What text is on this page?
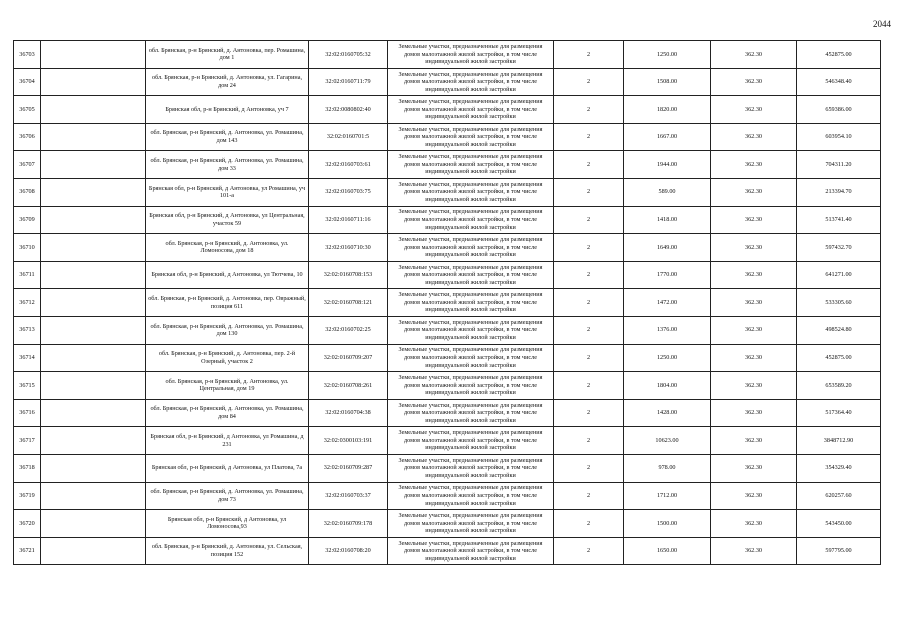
2044
36703		обл. Брянская, р-н Брянский, д. Антоновка, пер. Ромашина, дом 1	32:02:0160705:32	Земельные участки, предназначенные для размещения домов малоэтажной жилой застройки, в том числе индивидуальной жилой застройки	2	1250.00	362.30	452875.00
36704		обл. Брянская, р-н Брянский, д. Антоновка, ул. Гагарина, дом 24	32:02:0160711:79	Земельные участки, предназначенные для размещения домов малоэтажной жилой застройки, в том числе индивидуальной жилой застройки	2	1508.00	362.30	546348.40
36705		Брянская обл, р-н Брянский, д Антоновка, уч 7	32:02:0080802:40	Земельные участки, предназначенные для размещения домов малоэтажной жилой застройки, в том числе индивидуальной жилой застройки	2	1820.00	362.30	659386.00
36706		обл. Брянская, р-н Брянский, д. Антоновка, ул. Ромашина, дом 143	32:02:0160701:5	Земельные участки, предназначенные для размещения домов малоэтажной жилой застройки, в том числе индивидуальной жилой застройки	2	1667.00	362.30	603954.10
36707		обл. Брянская, р-н Брянский, д. Антоновка, ул. Ромашина, дом 33	32:02:0160703:61	Земельные участки, предназначенные для размещения домов малоэтажной жилой застройки, в том числе индивидуальной жилой застройки	2	1944.00	362.30	704311.20
36708		Брянская обл, р-н Брянский, д Антоновка, ул Ромашина, уч 101-а	32:02:0160703:75	Земельные участки, предназначенные для размещения домов малоэтажной жилой застройки, в том числе индивидуальной жилой застройки	2	589.00	362.30	213394.70
36709		Брянская обл, р-н Брянский, д Антоновка, ул Центральная, участок 59	32:02:0160711:16	Земельные участки, предназначенные для размещения домов малоэтажной жилой застройки, в том числе индивидуальной жилой застройки	2	1418.00	362.30	513741.40
36710		обл. Брянская, р-н Брянский, д. Антоновка, ул. Ломоносова, дом 18	32:02:0160710:30	Земельные участки, предназначенные для размещения домов малоэтажной жилой застройки, в том числе индивидуальной жилой застройки	2	1649.00	362.30	597432.70
36711		Брянская обл, р-н Брянский, д Антоновка, ул Тютчева, 10	32:02:0160708:153	Земельные участки, предназначенные для размещения домов малоэтажной жилой застройки, в том числе индивидуальной жилой застройки	2	1770.00	362.30	641271.00
36712		обл. Брянская, р-н Брянский, д. Антоновка, пер. Овражный, позиция 611	32:02:0160708:121	Земельные участки, предназначенные для размещения домов малоэтажной жилой застройки, в том числе индивидуальной жилой застройки	2	1472.00	362.30	533305.60
36713		обл. Брянская, р-н Брянский, д. Антоновка, ул. Ромашина, дом 130	32:02:0160702:25	Земельные участки, предназначенные для размещения домов малоэтажной жилой застройки, в том числе индивидуальной жилой застройки	2	1376.00	362.30	498524.80
36714		обл. Брянская, р-н Брянский, д. Антоновка, пер. 2-й Озерный, участок 2	32:02:0160709:207	Земельные участки, предназначенные для размещения домов малоэтажной жилой застройки, в том числе индивидуальной жилой застройки	2	1250.00	362.30	452875.00
36715		обл. Брянская, р-н Брянский, д. Антоновка, ул. Центральная, дом 19	32:02:0160708:261	Земельные участки, предназначенные для размещения домов малоэтажной жилой застройки, в том числе индивидуальной жилой застройки	2	1804.00	362.30	653589.20
36716		обл. Брянская, р-н Брянский, д. Антоновка, ул. Ромашина, дом 84	32:02:0160704:38	Земельные участки, предназначенные для размещения домов малоэтажной жилой застройки, в том числе индивидуальной жилой застройки	2	1428.00	362.30	517364.40
36717		Брянская обл, р-н Брянский, д Антоновка, ул Ромашина, д 231	32:02:0300103:191	Земельные участки, предназначенные для размещения домов малоэтажной жилой застройки, в том числе индивидуальной жилой застройки	2	10623.00	362.30	3848712.90
36718		Брянская обл, р-н Брянский, д Антоновка, ул Платова, 7а	32:02:0160709:287	Земельные участки, предназначенные для размещения домов малоэтажной жилой застройки, в том числе индивидуальной жилой застройки	2	978.00	362.30	354329.40
36719		обл. Брянская, р-н Брянский, д. Антоновка, ул. Ромашина, дом 73	32:02:0160703:37	Земельные участки, предназначенные для размещения домов малоэтажной жилой застройки, в том числе индивидуальной жилой застройки	2	1712.00	362.30	620257.60
36720		Брянская обл, р-н Брянский, д Антоновка, ул Ломоносова,93	32:02:0160709:178	Земельные участки, предназначенные для размещения домов малоэтажной жилой застройки, в том числе индивидуальной жилой застройки	2	1500.00	362.30	543450.00
36721		обл. Брянская, р-н Брянский, д. Антоновка, ул. Сельская, позиция 152	32:02:0160708:20	Земельные участки, предназначенные для размещения домов малоэтажной жилой застройки, в том числе индивидуальной жилой застройки	2	1650.00	362.30	597795.00
